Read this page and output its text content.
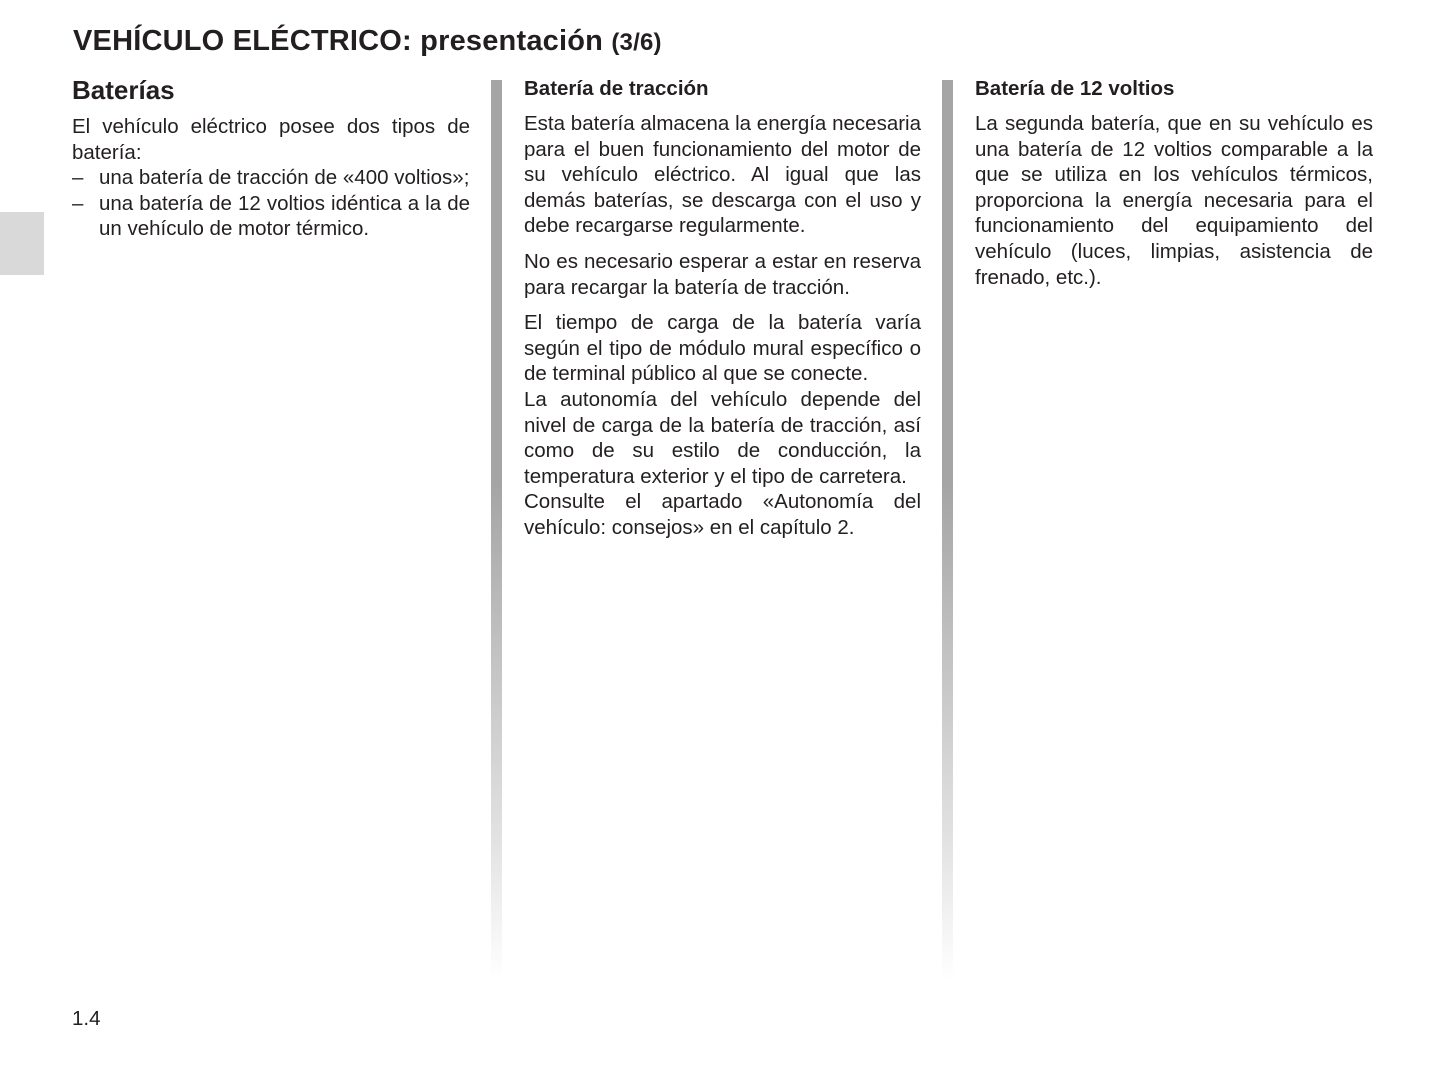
VEHÍCULO ELÉCTRICO: presentación (3/6)
Baterías

El vehículo eléctrico posee dos tipos de batería:

– una batería de tracción de «400 voltios»;
– una batería de 12 voltios idéntica a la de un vehículo de motor térmico.
Batería de tracción

Esta batería almacena la energía necesaria para el buen funcionamiento del motor de su vehículo eléctrico. Al igual que las demás baterías, se descarga con el uso y debe recargarse regularmente.

No es necesario esperar a estar en reserva para recargar la batería de tracción.

El tiempo de carga de la batería varía según el tipo de módulo mural específico o de terminal público al que se conecte.

La autonomía del vehículo depende del nivel de carga de la batería de tracción, así como de su estilo de conducción, la temperatura exterior y el tipo de carretera.

Consulte el apartado «Autonomía del vehículo: consejos» en el capítulo 2.

Batería de 12 voltios

La segunda batería, que en su vehículo es una batería de 12 voltios comparable a la que se utiliza en los vehículos térmicos, proporciona la energía necesaria para el funcionamiento del equipamiento del vehículo (luces, limpias, asistencia de frenado, etc.).

1.4
